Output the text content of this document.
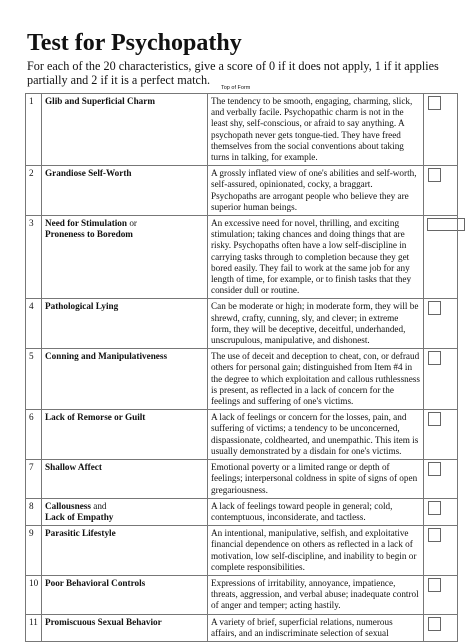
Test for Psychopathy
For each of the 20 characteristics, give a score of 0 if it does not apply, 1 if it applies partially and 2 if it is a perfect match.
Top of Form
1	Glib and Superficial Charm	The tendency to be smooth, engaging, charming, slick, and verbally facile. Psychopathic charm is not in the least shy, self-conscious, or afraid to say anything. A psychopath never gets tongue-tied. They have freed themselves from the social conventions about taking turns in talking, for example.	

2	Grandiose Self-Worth	A grossly inflated view of one's abilities and self-worth, self-assured, opinionated, cocky, a braggart. Psychopaths are arrogant people who believe they are superior human beings.	

3	Need for Stimulation or
Proneness to Boredom	An excessive need for novel, thrilling, and exciting stimulation; taking chances and doing things that are risky. Psychopaths often have a low self-discipline in carrying tasks through to completion because they get bored easily. They fail to work at the same job for any length of time, for example, or to finish tasks that they consider dull or routine.	

4	Pathological Lying	Can be moderate or high; in moderate form, they will be shrewd, crafty, cunning, sly, and clever; in extreme form, they will be deceptive, deceitful, underhanded, unscrupulous, manipulative, and dishonest.	

5	Conning and Manipulativeness	The use of deceit and deception to cheat, con, or defraud others for personal gain; distinguished from Item #4 in the degree to which exploitation and callous ruthlessness is present, as reflected in a lack of concern for the feelings and suffering of one's victims.	

6	Lack of Remorse or Guilt	A lack of feelings or concern for the losses, pain, and suffering of victims; a tendency to be unconcerned, dispassionate, coldhearted, and unempathic. This item is usually demonstrated by a disdain for one's victims.	

7	Shallow Affect	Emotional poverty or a limited range or depth of feelings; interpersonal coldness in spite of signs of open gregariousness.	

8	Callousness and
Lack of Empathy	A lack of feelings toward people in general; cold, contemptuous, inconsiderate, and tactless.	

9	Parasitic Lifestyle	An intentional, manipulative, selfish, and exploitative financial dependence on others as reflected in a lack of motivation, low self-discipline, and inability to begin or complete responsibilities.	

10	Poor Behavioral Controls	Expressions of irritability, annoyance, impatience, threats, aggression, and verbal abuse; inadequate control of anger and temper; acting hastily.	

11	Promiscuous Sexual Behavior	A variety of brief, superficial relations, numerous affairs, and an indiscriminate selection of sexual	
